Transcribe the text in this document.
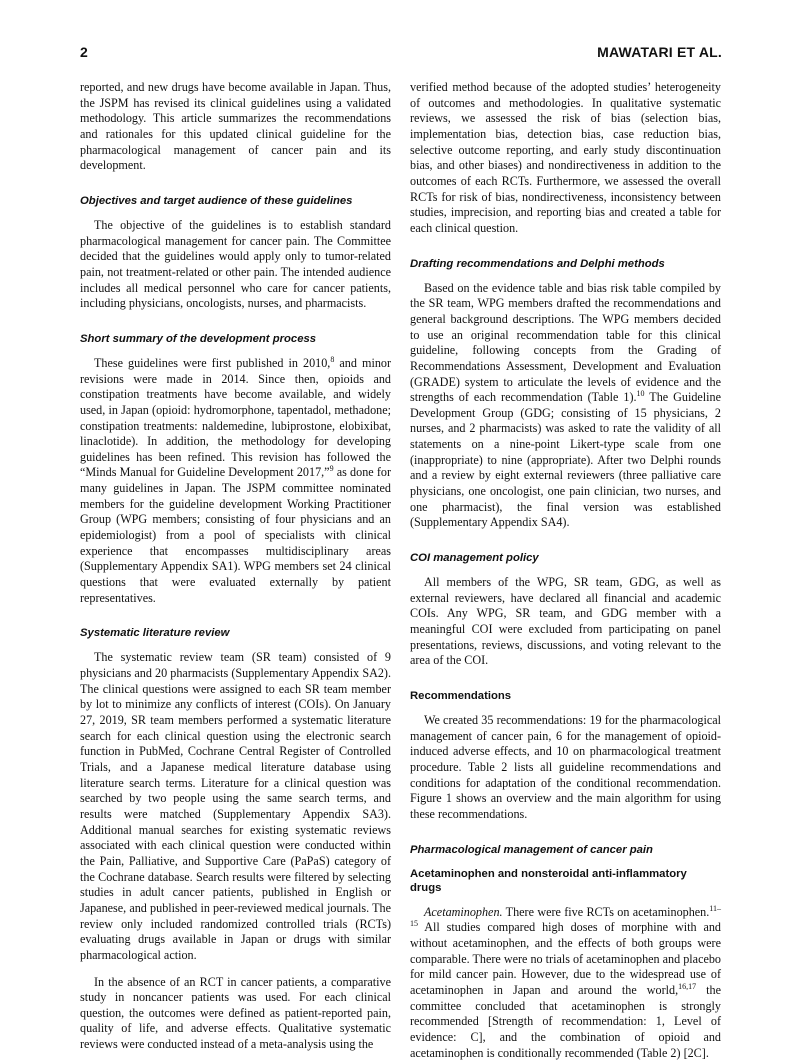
2	MAWATARI ET AL.

reported, and new drugs have become available in Japan. Thus, the JSPM has revised its clinical guidelines using a validated methodology. This article summarizes the recommendations and rationales for this updated clinical guideline for the pharmacological management of cancer pain and its development.

Objectives and target audience of these guidelines

The objective of the guidelines is to establish standard pharmacological management for cancer pain. The Committee decided that the guidelines would apply only to tumor-related pain, not treatment-related or other pain. The intended audience includes all medical personnel who care for cancer patients, including physicians, oncologists, nurses, and pharmacists.

Short summary of the development process

These guidelines were first published in 2010,$^8$ and minor revisions were made in 2014. Since then, opioids and constipation treatments have become available, and widely used, in Japan (opioid: hydromorphone, tapentadol, methadone; constipation treatments: naldemedine, lubiprostone, elobixibat, linaclotide). In addition, the methodology for developing guidelines has been refined. This revision has followed the “Minds Manual for Guideline Development 2017,”$^9$ as done for many guidelines in Japan. The JSPM committee nominated members for the guideline development Working Practitioner Group (WPG members; consisting of four physicians and an epidemiologist) from a pool of specialists with clinical experience that encompasses multidisciplinary areas (Supplementary Appendix SA1). WPG members set 24 clinical questions that were evaluated externally by patient representatives.

Systematic literature review

The systematic review team (SR team) consisted of 9 physicians and 20 pharmacists (Supplementary Appendix SA2). The clinical questions were assigned to each SR team member by lot to minimize any conflicts of interest (COIs). On January 27, 2019, SR team members performed a systematic literature search for each clinical question using the electronic search function in PubMed, Cochrane Central Register of Controlled Trials, and a Japanese medical literature database using literature search terms. Literature for a clinical question was searched by two people using the same search terms, and results were matched (Supplementary Appendix SA3). Additional manual searches for existing systematic reviews associated with each clinical question were conducted within the Pain, Palliative, and Supportive Care (PaPaS) category of the Cochrane database. Search results were filtered by selecting studies in adult cancer patients, published in English or Japanese, and published in peer-reviewed medical journals. The review only included randomized controlled trials (RCTs) evaluating drugs available in Japan or drugs with similar pharmacological action.

In the absence of an RCT in cancer patients, a comparative study in noncancer patients was used. For each clinical question, the outcomes were defined as patient-reported pain, quality of life, and adverse effects. Qualitative systematic reviews were conducted instead of a meta-analysis using the

verified method because of the adopted studies’ heterogeneity of outcomes and methodologies. In qualitative systematic reviews, we assessed the risk of bias (selection bias, implementation bias, detection bias, case reduction bias, selective outcome reporting, and early study discontinuation bias, and other biases) and nondirectiveness in addition to the outcomes of each RCTs. Furthermore, we assessed the overall RCTs for risk of bias, nondirectiveness, inconsistency between studies, imprecision, and reporting bias and created a table for each clinical question.

Drafting recommendations and Delphi methods

Based on the evidence table and bias risk table compiled by the SR team, WPG members drafted the recommendations and general background descriptions. The WPG members decided to use an original recommendation table for this clinical guideline, following concepts from the Grading of Recommendations Assessment, Development and Evaluation (GRADE) system to articulate the levels of evidence and the strengths of each recommendation (Table 1).$^{10}$ The Guideline Development Group (GDG; consisting of 15 physicians, 2 nurses, and 2 pharmacists) was asked to rate the validity of all statements on a nine-point Likert-type scale from one (inappropriate) to nine (appropriate). After two Delphi rounds and a review by eight external reviewers (three palliative care physicians, one oncologist, one pain clinician, two nurses, and one pharmacist), the final version was established (Supplementary Appendix SA4).

COI management policy

All members of the WPG, SR team, GDG, as well as external reviewers, have declared all financial and academic COIs. Any WPG, SR team, and GDG member with a meaningful COI were excluded from participating on panel presentations, reviews, discussions, and voting relevant to the area of the COI.

Recommendations

We created 35 recommendations: 19 for the pharmacological management of cancer pain, 6 for the management of opioid-induced adverse effects, and 10 on pharmacological treatment procedure. Table 2 lists all guideline recommendations and conditions for adaptation of the conditional recommendation. Figure 1 shows an overview and the main algorithm for using these recommendations.

Pharmacological management of cancer pain
Acetaminophen and nonsteroidal anti-inflammatory drugs

Acetaminophen. There were five RCTs on acetaminophen.$^{11-15}$ All studies compared high doses of morphine with and without acetaminophen, and the effects of both groups were comparable. There were no trials of acetaminophen and placebo for mild cancer pain. However, due to the widespread use of acetaminophen in Japan and around the world,$^{16,17}$ the committee concluded that acetaminophen is strongly recommended [Strength of recommendation: 1, Level of evidence: C], and the combination of opioid and acetaminophen is conditionally recommended (Table 2) [2C].
